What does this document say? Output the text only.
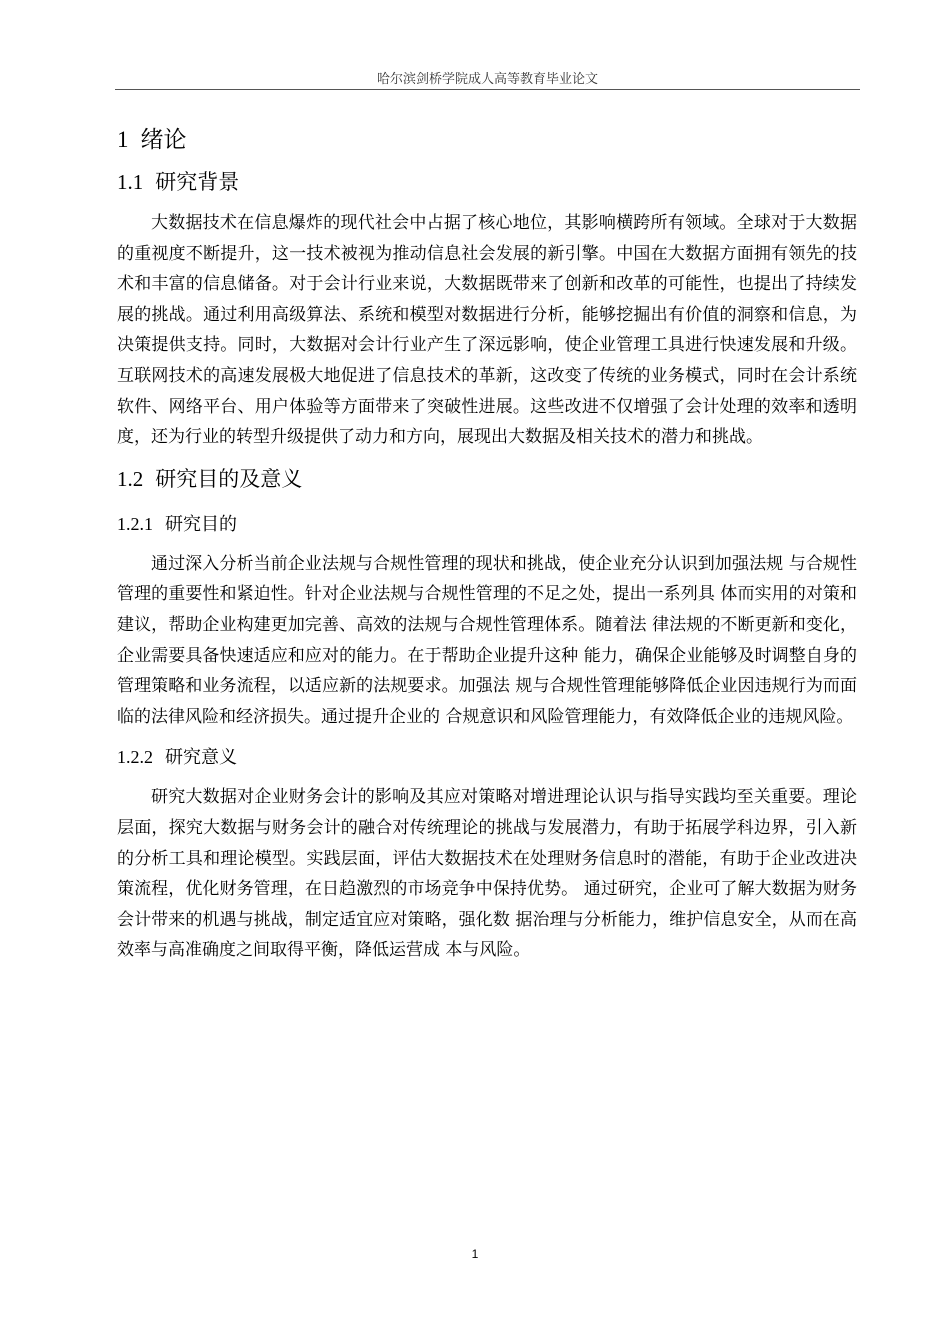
哈尔滨剑桥学院成人高等教育毕业论文
1 绪论
1.1 研究背景

大数据技术在信息爆炸的现代社会中占据了核心地位，其影响横跨所有领域。全球对于大数据的重视度不断提升，这一技术被视为推动信息社会发展的新引擎。中国在大数据方面拥有领先的技术和丰富的信息储备。对于会计行业来说，大数据既带来了创新和改革的可能性，也提出了持续发展的挑战。通过利用高级算法、系统和模型对数据进行分析，能够挖掘出有价值的洞察和信息，为决策提供支持。同时，大数据对会计行业产生了深远影响，使企业管理工具进行快速发展和升级。互联网技术的高速发展极大地促进了信息技术的革新，这改变了传统的业务模式，同时在会计系统软件、网络平台、用户体验等方面带来了突破性进展。这些改进不仅增强了会计处理的效率和透明度，还为行业的转型升级提供了动力和方向，展现出大数据及相关技术的潜力和挑战。

1.2 研究目的及意义
1.2.1 研究目的

通过深入分析当前企业法规与合规性管理的现状和挑战，使企业充分认识到加强法规 与合规性管理的重要性和紧迫性。针对企业法规与合规性管理的不足之处，提出一系列具 体而实用的对策和建议，帮助企业构建更加完善、高效的法规与合规性管理体系。随着法 律法规的不断更新和变化，企业需要具备快速适应和应对的能力。在于帮助企业提升这种 能力，确保企业能够及时调整自身的管理策略和业务流程，以适应新的法规要求。加强法 规与合规性管理能够降低企业因违规行为而面临的法律风险和经济损失。通过提升企业的 合规意识和风险管理能力，有效降低企业的违规风险。

1.2.2 研究意义

研究大数据对企业财务会计的影响及其应对策略对增进理论认识与指导实践均至关重要。理论层面，探究大数据与财务会计的融合对传统理论的挑战与发展潜力，有助于拓展学科边界，引入新的分析工具和理论模型。实践层面，评估大数据技术在处理财务信息时的潜能，有助于企业改进决策流程，优化财务管理，在日趋激烈的市场竞争中保持优势。 通过研究，企业可了解大数据为财务会计带来的机遇与挑战，制定适宜应对策略，强化数 据治理与分析能力，维护信息安全，从而在高效率与高准确度之间取得平衡，降低运营成 本与风险。

1
